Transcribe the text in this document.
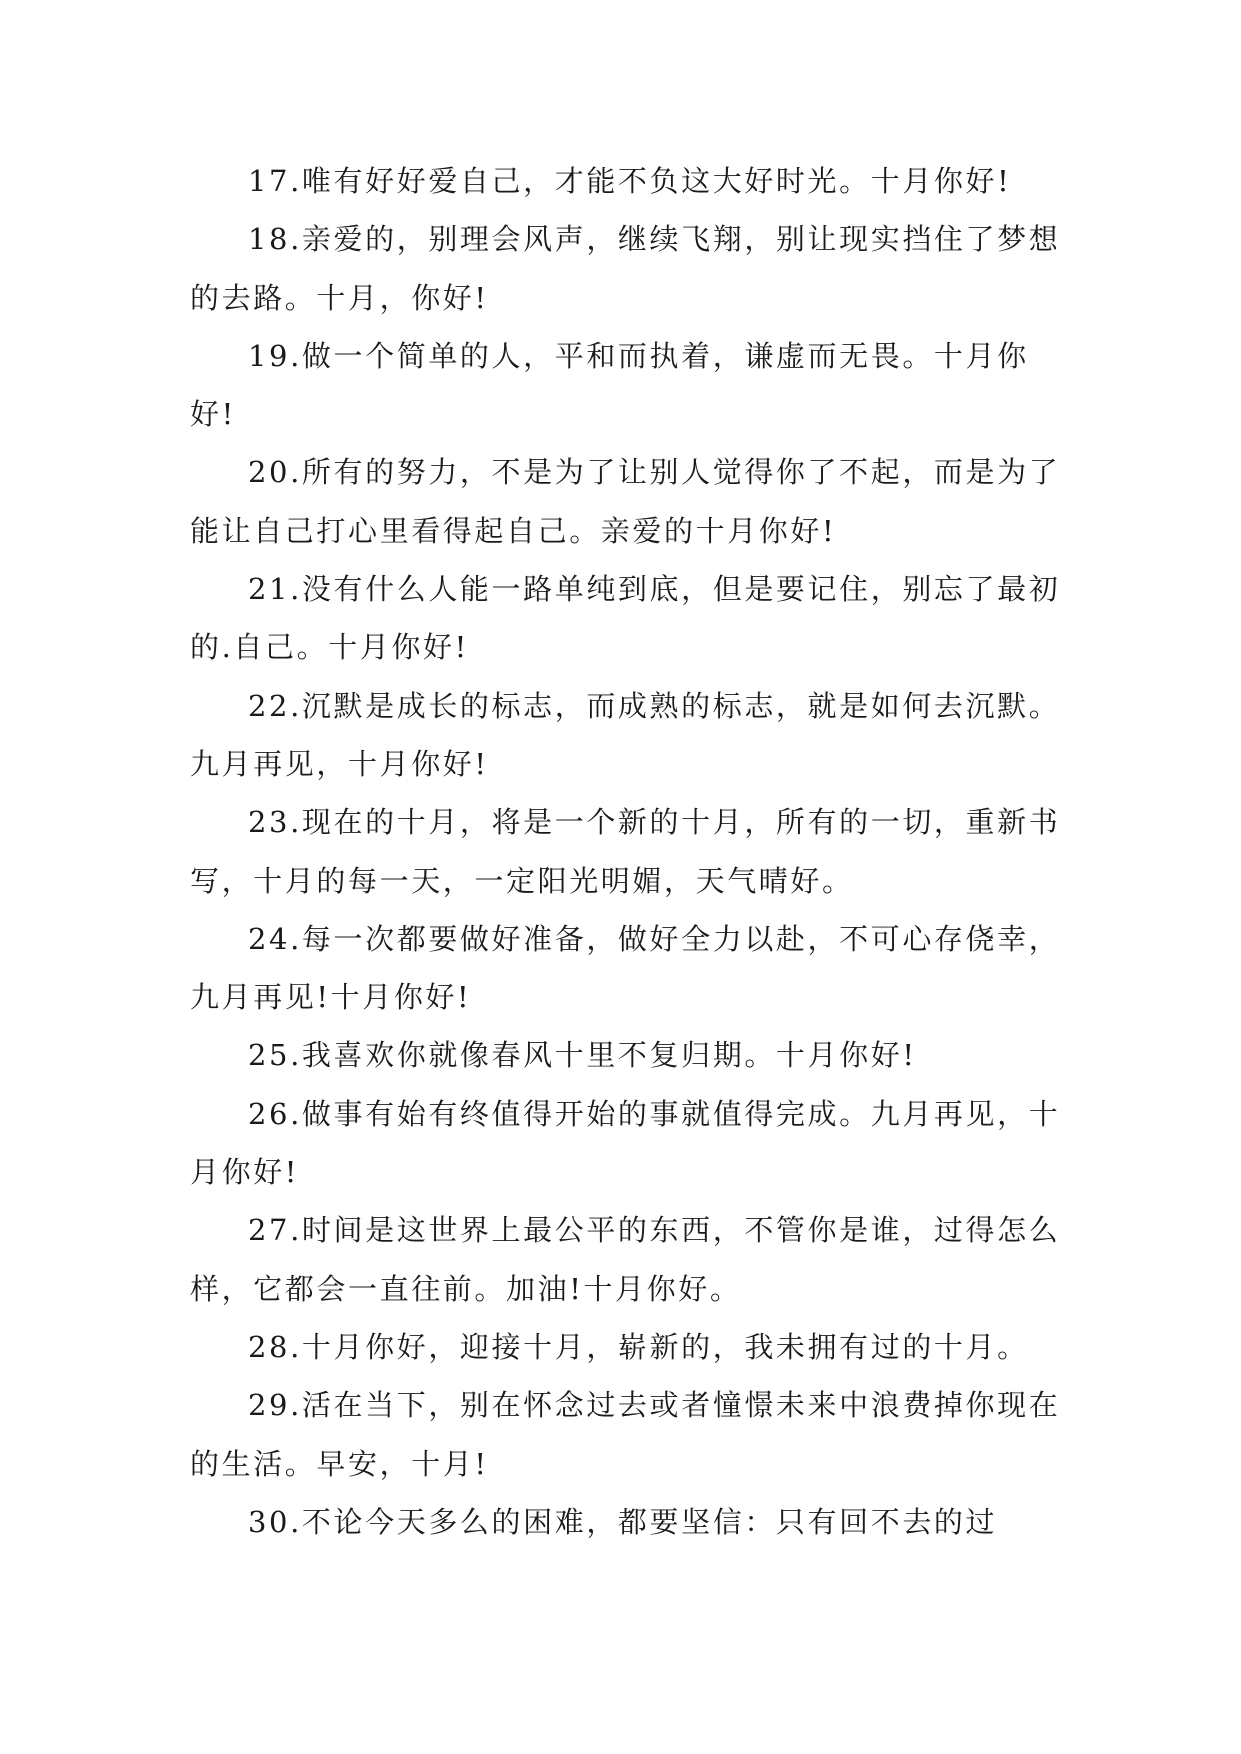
17.唯有好好爱自己，才能不负这大好时光。十月你好!

18.亲爱的，别理会风声，继续飞翔，别让现实挡住了梦想的去路。十月，你好!

19.做一个简单的人，平和而执着，谦虚而无畏。十月你好!

20.所有的努力，不是为了让别人觉得你了不起，而是为了能让自己打心里看得起自己。亲爱的十月你好!

21.没有什么人能一路单纯到底，但是要记住，别忘了最初的.自己。十月你好!

22.沉默是成长的标志，而成熟的标志，就是如何去沉默。九月再见，十月你好!

23.现在的十月，将是一个新的十月，所有的一切，重新书写，十月的每一天，一定阳光明媚，天气晴好。

24.每一次都要做好准备，做好全力以赴，不可心存侥幸，九月再见!十月你好!

25.我喜欢你就像春风十里不复归期。十月你好!

26.做事有始有终值得开始的事就值得完成。九月再见，十月你好!

27.时间是这世界上最公平的东西，不管你是谁，过得怎么样，它都会一直往前。加油!十月你好。

28.十月你好，迎接十月，崭新的，我未拥有过的十月。

29.活在当下，别在怀念过去或者憧憬未来中浪费掉你现在的生活。早安，十月!

30.不论今天多么的困难，都要坚信：只有回不去的过
